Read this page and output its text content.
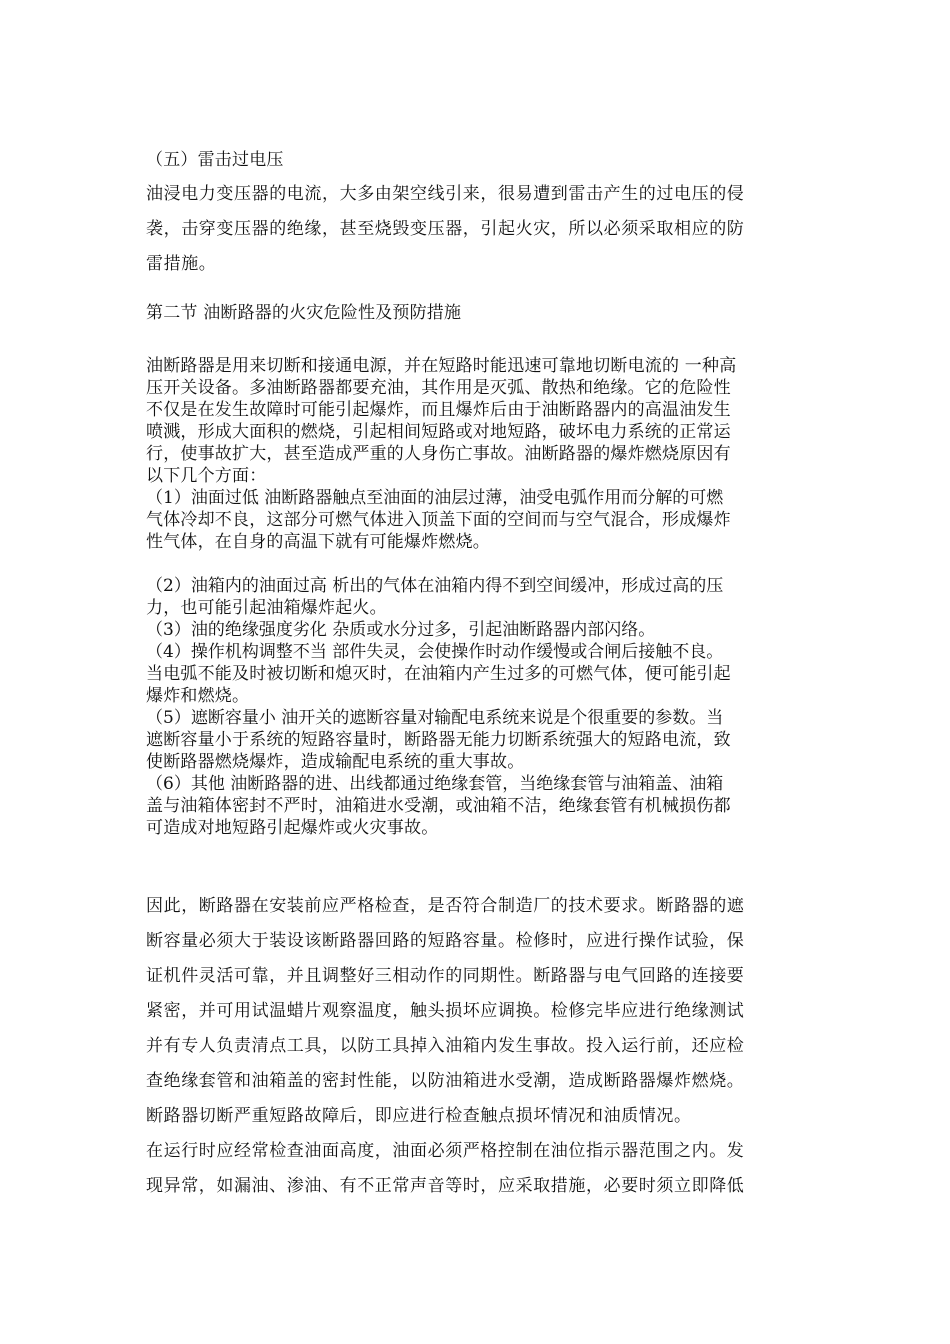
（五）雷击过电压
油浸电力变压器的电流，大多由架空线引来，很易遭到雷击产生的过电压的侵
袭，击穿变压器的绝缘，甚至烧毁变压器，引起火灾，所以必须采取相应的防
雷措施。
第二节 油断路器的火灾危险性及预防措施
油断路器是用来切断和接通电源，并在短路时能迅速可靠地切断电流的 一种高
压开关设备。多油断路器都要充油，其作用是灭弧、散热和绝缘。它的危险性
不仅是在发生故障时可能引起爆炸，而且爆炸后由于油断路器内的高温油发生
喷溅，形成大面积的燃烧，引起相间短路或对地短路，破坏电力系统的正常运
行，使事故扩大，甚至造成严重的人身伤亡事故。油断路器的爆炸燃烧原因有
以下几个方面：
（1）油面过低 油断路器触点至油面的油层过薄，油受电弧作用而分解的可燃
气体冷却不良，这部分可燃气体进入顶盖下面的空间而与空气混合，形成爆炸
性气体，在自身的高温下就有可能爆炸燃烧。
（2）油箱内的油面过高 析出的气体在油箱内得不到空间缓冲，形成过高的压
力，也可能引起油箱爆炸起火。
（3）油的绝缘强度劣化 杂质或水分过多，引起油断路器内部闪络。
（4）操作机构调整不当 部件失灵，会使操作时动作缓慢或合闸后接触不良。
当电弧不能及时被切断和熄灭时，在油箱内产生过多的可燃气体，便可能引起
爆炸和燃烧。
（5）遮断容量小 油开关的遮断容量对输配电系统来说是个很重要的参数。当
遮断容量小于系统的短路容量时，断路器无能力切断系统强大的短路电流，致
使断路器燃烧爆炸，造成输配电系统的重大事故。
（6）其他 油断路器的进、出线都通过绝缘套管，当绝缘套管与油箱盖、油箱
盖与油箱体密封不严时，油箱进水受潮，或油箱不洁，绝缘套管有机械损伤都
可造成对地短路引起爆炸或火灾事故。
因此，断路器在安装前应严格检查，是否符合制造厂的技术要求。断路器的遮
断容量必须大于装设该断路器回路的短路容量。检修时，应进行操作试验，保
证机件灵活可靠，并且调整好三相动作的同期性。断路器与电气回路的连接要
紧密，并可用试温蜡片观察温度，触头损坏应调换。检修完毕应进行绝缘测试
并有专人负责清点工具，以防工具掉入油箱内发生事故。投入运行前，还应检
查绝缘套管和油箱盖的密封性能，以防油箱进水受潮，造成断路器爆炸燃烧。
断路器切断严重短路故障后，即应进行检查触点损坏情况和油质情况。
在运行时应经常检查油面高度，油面必须严格控制在油位指示器范围之内。发
现异常，如漏油、渗油、有不正常声音等时，应采取措施，必要时须立即降低
